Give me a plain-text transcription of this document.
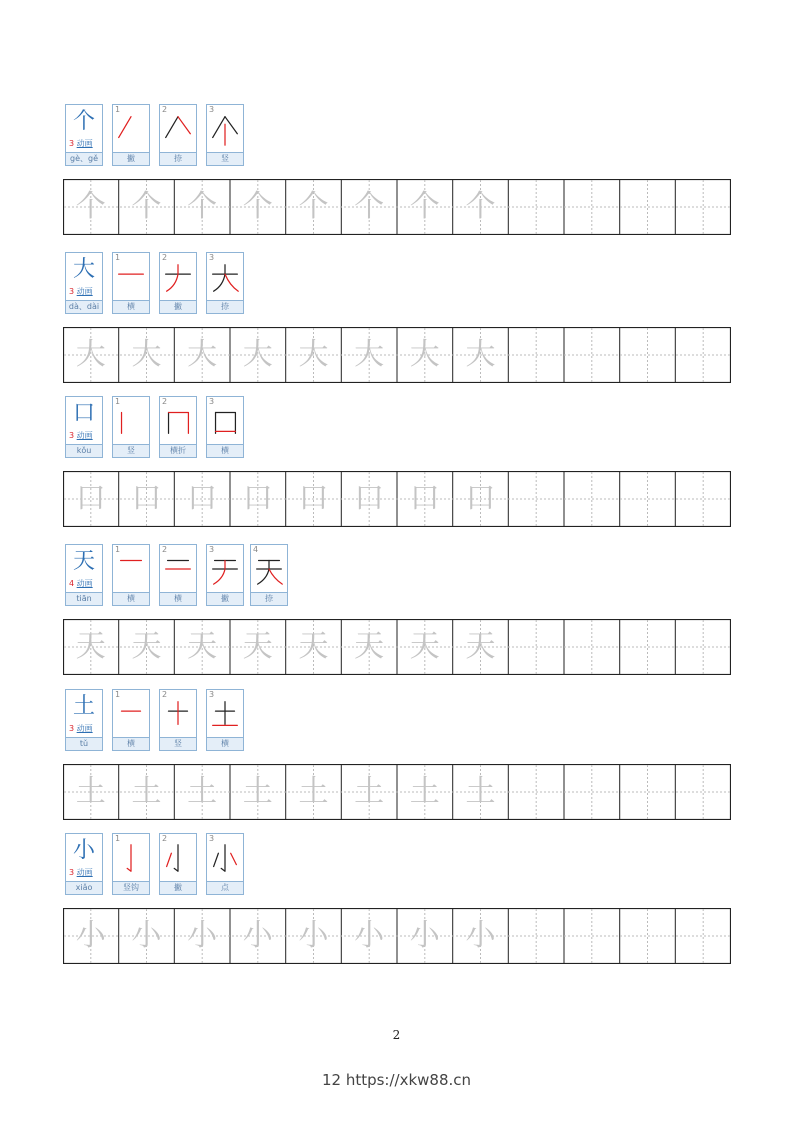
个
3 动画
gè、gě
1
撇
2
捺
3
竖
个 个 个 个 个 个 个 个
大
3 动画
dà、dài
1
横
2
撇
3
捺
大 大 大 大 大 大 大 大
口
3 动画
kǒu
1
竖
2
横折
3
横
口 口 口 口 口 口 口 口
天
4 动画
tiān
1
横
2
横
3
撇
4
捺
天 天 天 天 天 天 天 天
土
3 动画
tǔ
1
横
2
竖
3
横
土 土 土 土 土 土 土 土
小
3 动画
xiǎo
1
竖钩
2
撇
3
点
小 小 小 小 小 小 小 小
2
12 https://xkw88.cn
